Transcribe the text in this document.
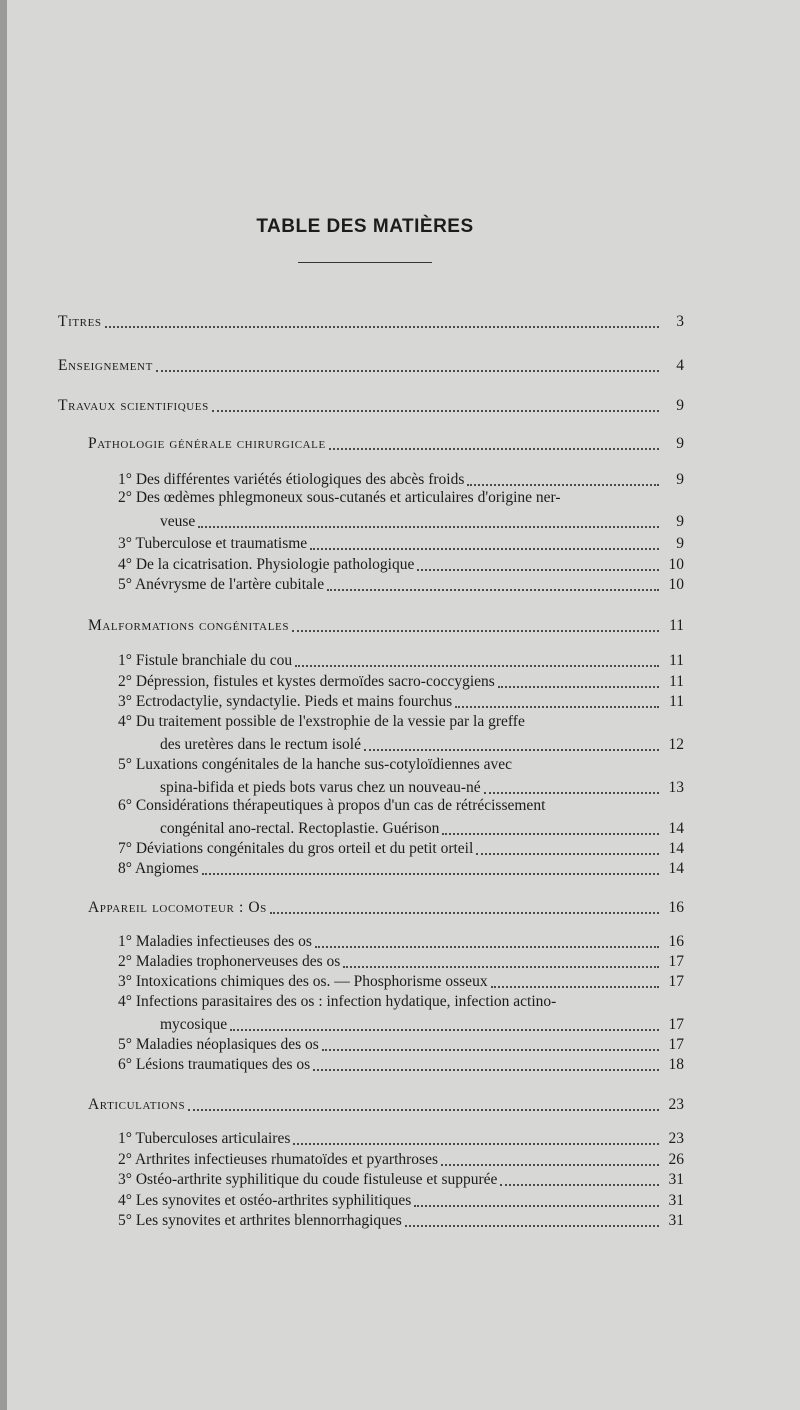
TABLE DES MATIÈRES
Titres	3
Enseignement	4
Travaux scientifiques	9
Pathologie générale chirurgicale	9
1° Des différentes variétés étiologiques des abcès froids	9
2° Des œdèmes phlegmoneux sous-cutanés et articulaires d'origine ner-
veuse	9
3° Tuberculose et traumatisme	9
4° De la cicatrisation. Physiologie pathologique	10
5° Anévrysme de l'artère cubitale	10
Malformations congénitales	11
1° Fistule branchiale du cou	11
2° Dépression, fistules et kystes dermoïdes sacro-coccygiens	11
3° Ectrodactylie, syndactylie. Pieds et mains fourchus	11
4° Du traitement possible de l'exstrophie de la vessie par la greffe
des uretères dans le rectum isolé	12
5° Luxations congénitales de la hanche sus-cotyloïdiennes avec
spina-bifida et pieds bots varus chez un nouveau-né	13
6° Considérations thérapeutiques à propos d'un cas de rétrécissement
congénital ano-rectal. Rectoplastie. Guérison	14
7° Déviations congénitales du gros orteil et du petit orteil	14
8° Angiomes	14
Appareil locomoteur : Os	16
1° Maladies infectieuses des os	16
2° Maladies trophonerveuses des os	17
3° Intoxications chimiques des os. — Phosphorisme osseux	17
4° Infections parasitaires des os : infection hydatique, infection actino-
mycosique	17
5° Maladies néoplasiques des os	17
6° Lésions traumatiques des os	18
Articulations	23
1° Tuberculoses articulaires	23
2° Arthrites infectieuses rhumatoïdes et pyarthroses	26
3° Ostéo-arthrite syphilitique du coude fistuleuse et suppurée	31
4° Les synovites et ostéo-arthrites syphilitiques	31
5° Les synovites et arthrites blennorrhagiques	31
